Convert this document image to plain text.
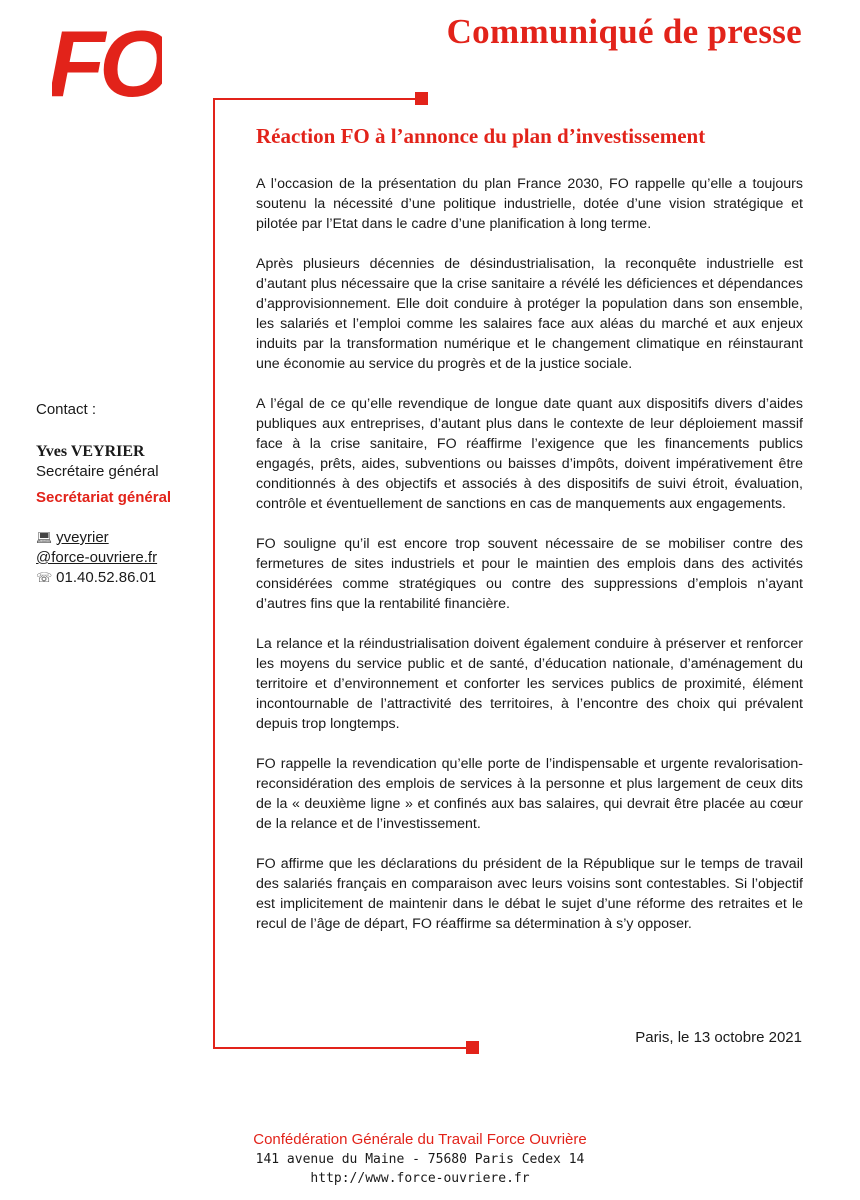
FO	Communiqué de presse
Réaction FO à l’annonce du plan d’investissement

A l’occasion de la présentation du plan France 2030, FO rappelle qu’elle a toujours soutenu la nécessité d’une politique industrielle, dotée d’une vision stratégique et pilotée par l’Etat dans le cadre d’une planification à long terme.

Après plusieurs décennies de désindustrialisation, la reconquête industrielle est d’autant plus nécessaire que la crise sanitaire a révélé les déficiences et dépendances d’approvisionnement. Elle doit conduire à protéger la population dans son ensemble, les salariés et l’emploi comme les salaires face aux aléas du marché et aux enjeux induits par la transformation numérique et le changement climatique en réinstaurant une économie au service du progrès et de la justice sociale.

A l’égal de ce qu’elle revendique de longue date quant aux dispositifs divers d’aides publiques aux entreprises, d’autant plus dans le contexte de leur déploiement massif face à la crise sanitaire, FO réaffirme l’exigence que les financements publics engagés, prêts, aides, subventions ou baisses d’impôts, doivent impérativement être conditionnés à des objectifs et associés à des dispositifs de suivi étroit, évaluation, contrôle et éventuellement de sanctions en cas de manquements aux engagements.

FO souligne qu’il est encore trop souvent nécessaire de se mobiliser contre des fermetures de sites industriels et pour le maintien des emplois dans des activités considérées comme stratégiques ou contre des suppressions d’emplois n’ayant d’autres fins que la rentabilité financière.

La relance et la réindustrialisation doivent également conduire à préserver et renforcer les moyens du service public et de santé, d’éducation nationale, d’aménagement du territoire et d’environnement et conforter les services publics de proximité, élément incontournable de l’attractivité des territoires, à l’encontre des choix qui prévalent depuis trop longtemps.

FO rappelle la revendication qu’elle porte de l’indispensable et urgente revalorisation-reconsidération des emplois de services à la personne et plus largement de ceux dits de la « deuxième ligne » et confinés aux bas salaires, qui devrait être placée au cœur de la relance et de l’investissement.

FO affirme que les déclarations du président de la République sur le temps de travail des salariés français en comparaison avec leurs voisins sont contestables. Si l’objectif est implicitement de maintenir dans le débat le sujet d’une réforme des retraites et le recul de l’âge de départ, FO réaffirme sa détermination à s’y opposer.

Contact :
Yves VEYRIER
Secrétaire général
Secrétariat général
💻︎ yveyrier
@force-ouvriere.fr
☏ 01.40.52.86.01
Paris, le 13 octobre 2021
Confédération Générale du Travail Force Ouvrière
141 avenue du Maine - 75680 Paris Cedex 14
http://www.force-ouvriere.fr
